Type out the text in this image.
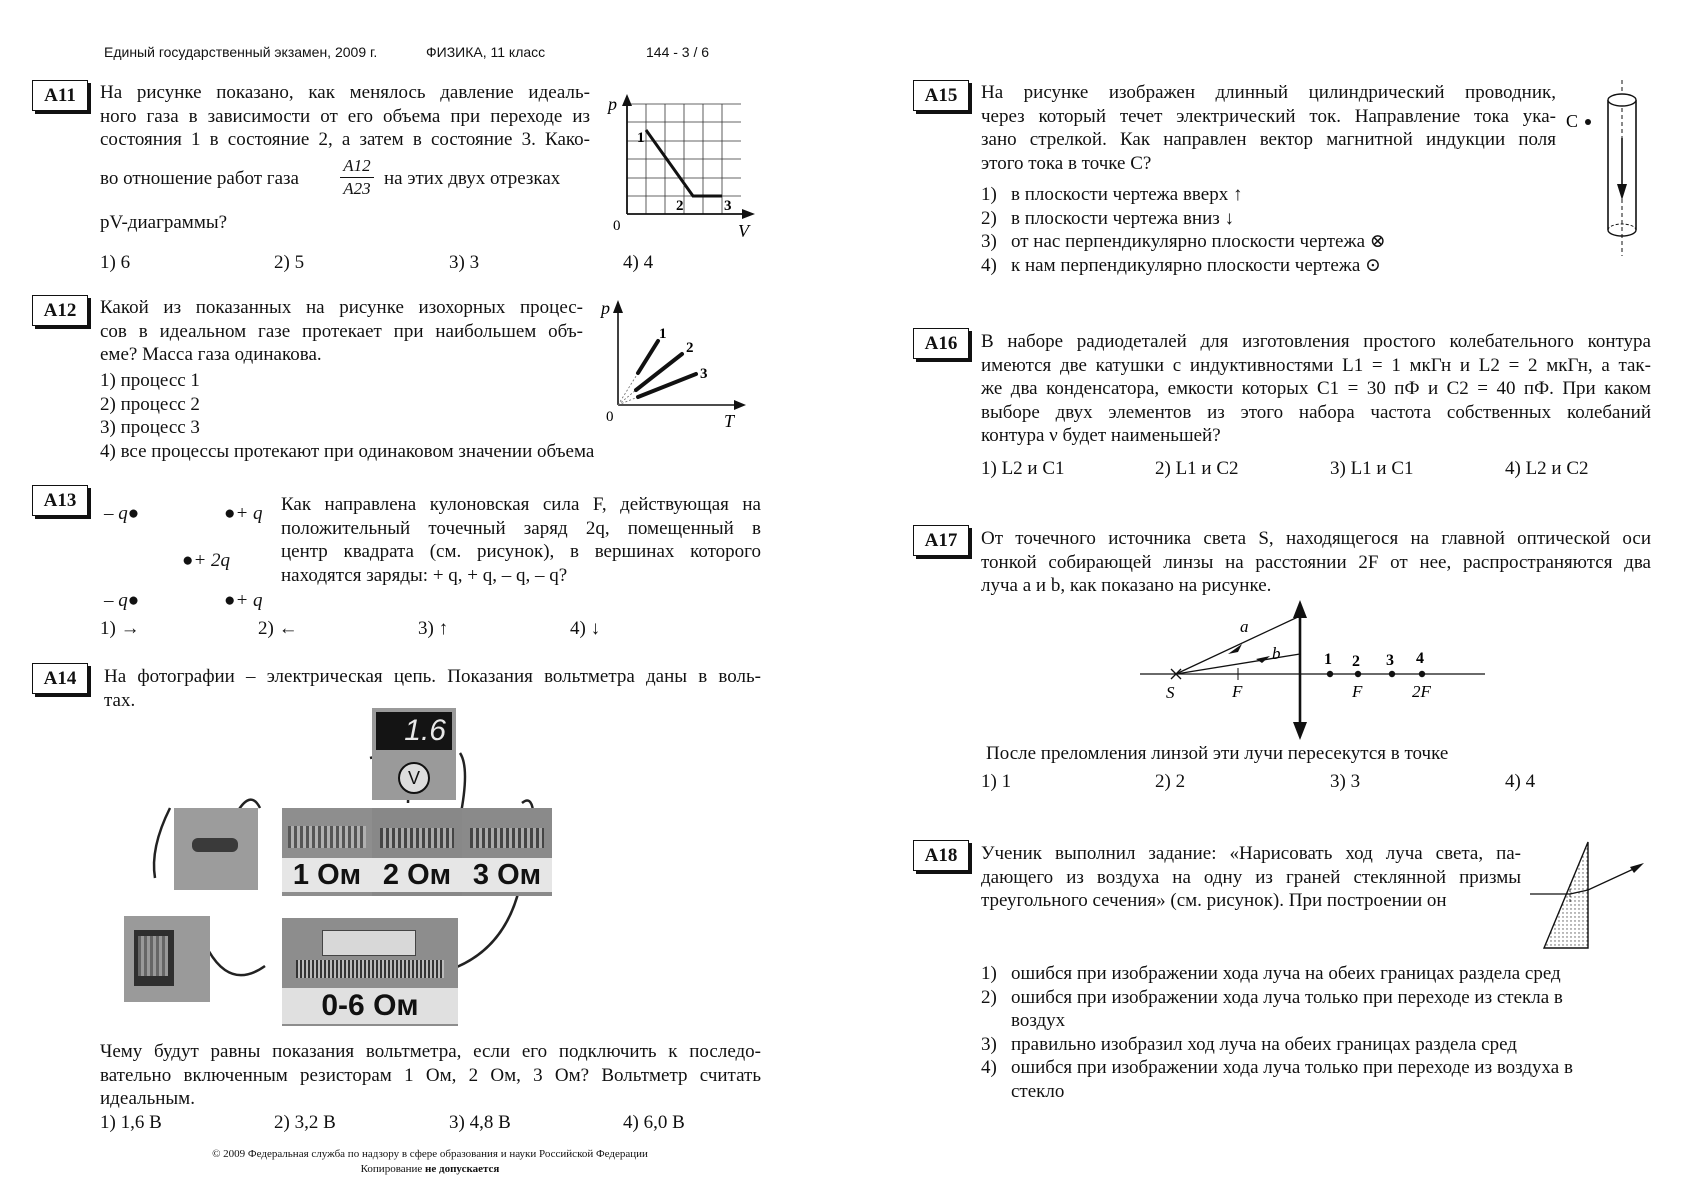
Единый государственный экзамен, 2009 г.	ФИЗИКА, 11 класс	144 - 3 / 6
А11	На рисунке показано, как менялось давление идеаль-

ного газа в зависимости от его объема при переходе из

состояния 1 в состояние 2, а затем в состояние 3. Како-

во отношение работ газа
A12
A23 на этих двух отрезках
pV-диаграммы?
p
V
0
1
2	3
1) 6	2) 5	3) 3	4) 4
А12	Какой из показанных на рисунке изохорных процес-

сов в идеальном газе протекает при наибольшем объ-

еме? Масса газа одинакова.

1) процесс 1
2) процесс 2
3) процесс 3
4) все процессы протекают при одинаковом значении объема
p
T
0
1
2
3
А13
– q●	●+ q
●+ 2q
– q●	●+ q

Как направлена кулоновская сила F, действующая на

положительный точечный заряд 2q, помещенный в

центр квадрата (см. рисунок), в вершинах которого

находятся заряды: + q, + q, – q, – q?

1) →	2) ←	3) ↑	4) ↓
А14	На фотографии – электрическая цепь. Показания вольтметра даны в воль-

тах.

1.6
V
1 Ом 2 Ом 3 Ом
0-6 Ом

Чему будут равны показания вольтметра, если его подключить к последо-

вательно включенным резисторам 1 Ом, 2 Ом, 3 Ом? Вольтметр считать

идеальным.

1) 1,6 В	2) 3,2 В	3) 4,8 В	4) 6,0 В
© 2009 Федеральная служба по надзору в сфере образования и науки Российской Федерации
Копирование не допускается
А15	На рисунке изображен длинный цилиндрический проводник,

через который течет электрический ток. Направление тока ука-

зано стрелкой. Как направлен вектор магнитной индукции поля

этого тока в точке С?

1) в плоскости чертежа вверх ↑
2) в плоскости чертежа вниз ↓
3) от нас перпендикулярно плоскости чертежа ⊗
4) к нам перпендикулярно плоскости чертежа ⊙
C
А16	В наборе радиодеталей для изготовления простого колебательного контура

имеются две катушки с индуктивностями L1 = 1 мкГн и L2 = 2 мкГн, а так-

же два конденсатора, емкости которых C1 = 30 пФ и C2 = 40 пФ. При каком

выборе двух элементов из этого набора частота собственных колебаний

контура ν будет наименьшей?

1) L2 и C1	2) L1 и C2	3) L1 и C1	4) L2 и C2
А17	От точечного источника света S, находящегося на главной оптической оси

тонкой собирающей линзы на расстоянии 2F от нее, распространяются два

луча a и b, как показано на рисунке.

S	F	F	2F
a
b	1 2 3 4
После преломления линзой эти лучи пересекутся в точке
1) 1	2) 2	3) 3	4) 4
А18	Ученик выполнил задание: «Нарисовать ход луча света, па-

дающего из воздуха на одну из граней стеклянной призмы

треугольного сечения» (см. рисунок). При построении он

1) ошибся при изображении хода луча на обеих границах раздела сред
2) ошибся при изображении хода луча только при переходе из стекла в
воздух
3) правильно изобразил ход луча на обеих границах раздела сред
4) ошибся при изображении хода луча только при переходе из воздуха в
стекло
